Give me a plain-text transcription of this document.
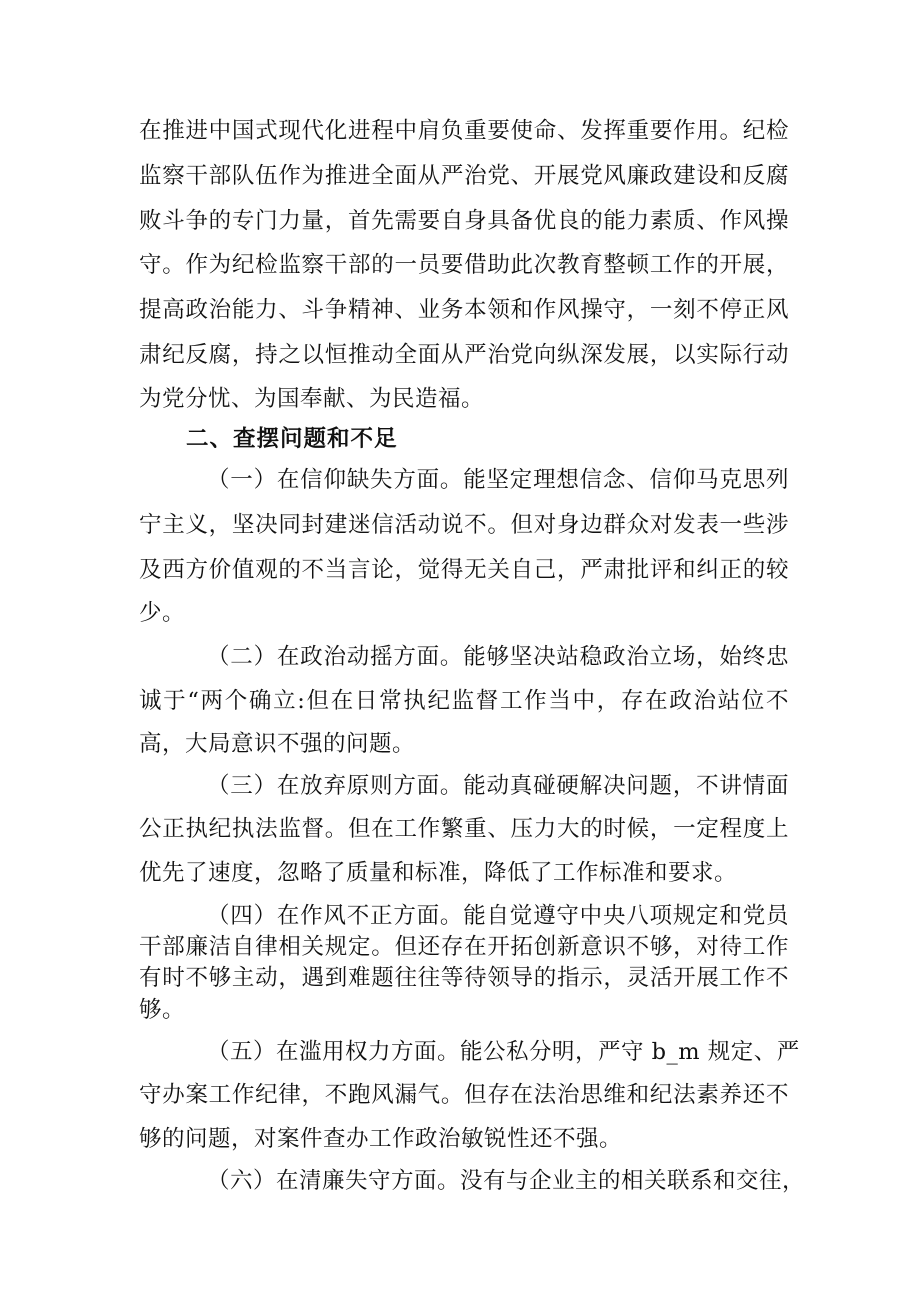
在推进中国式现代化进程中肩负重要使命、发挥重要作用。纪检
监察干部队伍作为推进全面从严治党、开展党风廉政建设和反腐
败斗争的专门力量，首先需要自身具备优良的能力素质、作风操
守。作为纪检监察干部的一员要借助此次教育整顿工作的开展，
提高政治能力、斗争精神、业务本领和作风操守，一刻不停正风
肃纪反腐，持之以恒推动全面从严治党向纵深发展，以实际行动
为党分忧、为国奉献、为民造福。
二、查摆问题和不足
（一）在信仰缺失方面。能坚定理想信念、信仰马克思列
宁主义，坚决同封建迷信活动说不。但对身边群众对发表一些涉
及西方价值观的不当言论，觉得无关自己，严肃批评和纠正的较
少。
（二）在政治动摇方面。能够坚决站稳政治立场，始终忠
诚于“两个确立:但在日常执纪监督工作当中，存在政治站位不
高，大局意识不强的问题。
（三）在放弃原则方面。能动真碰硬解决问题，不讲情面
公正执纪执法监督。但在工作繁重、压力大的时候，一定程度上
优先了速度，忽略了质量和标准，降低了工作标准和要求。
（四）在作风不正方面。能自觉遵守中央八项规定和党员
干部廉洁自律相关规定。但还存在开拓创新意识不够，对待工作
有时不够主动，遇到难题往往等待领导的指示，灵活开展工作不
够。
（五）在滥用权力方面。能公私分明，严守 b_m 规定、严
守办案工作纪律，不跑风漏气。但存在法治思维和纪法素养还不
够的问题，对案件查办工作政治敏锐性还不强。
（六）在清廉失守方面。没有与企业主的相关联系和交往，
